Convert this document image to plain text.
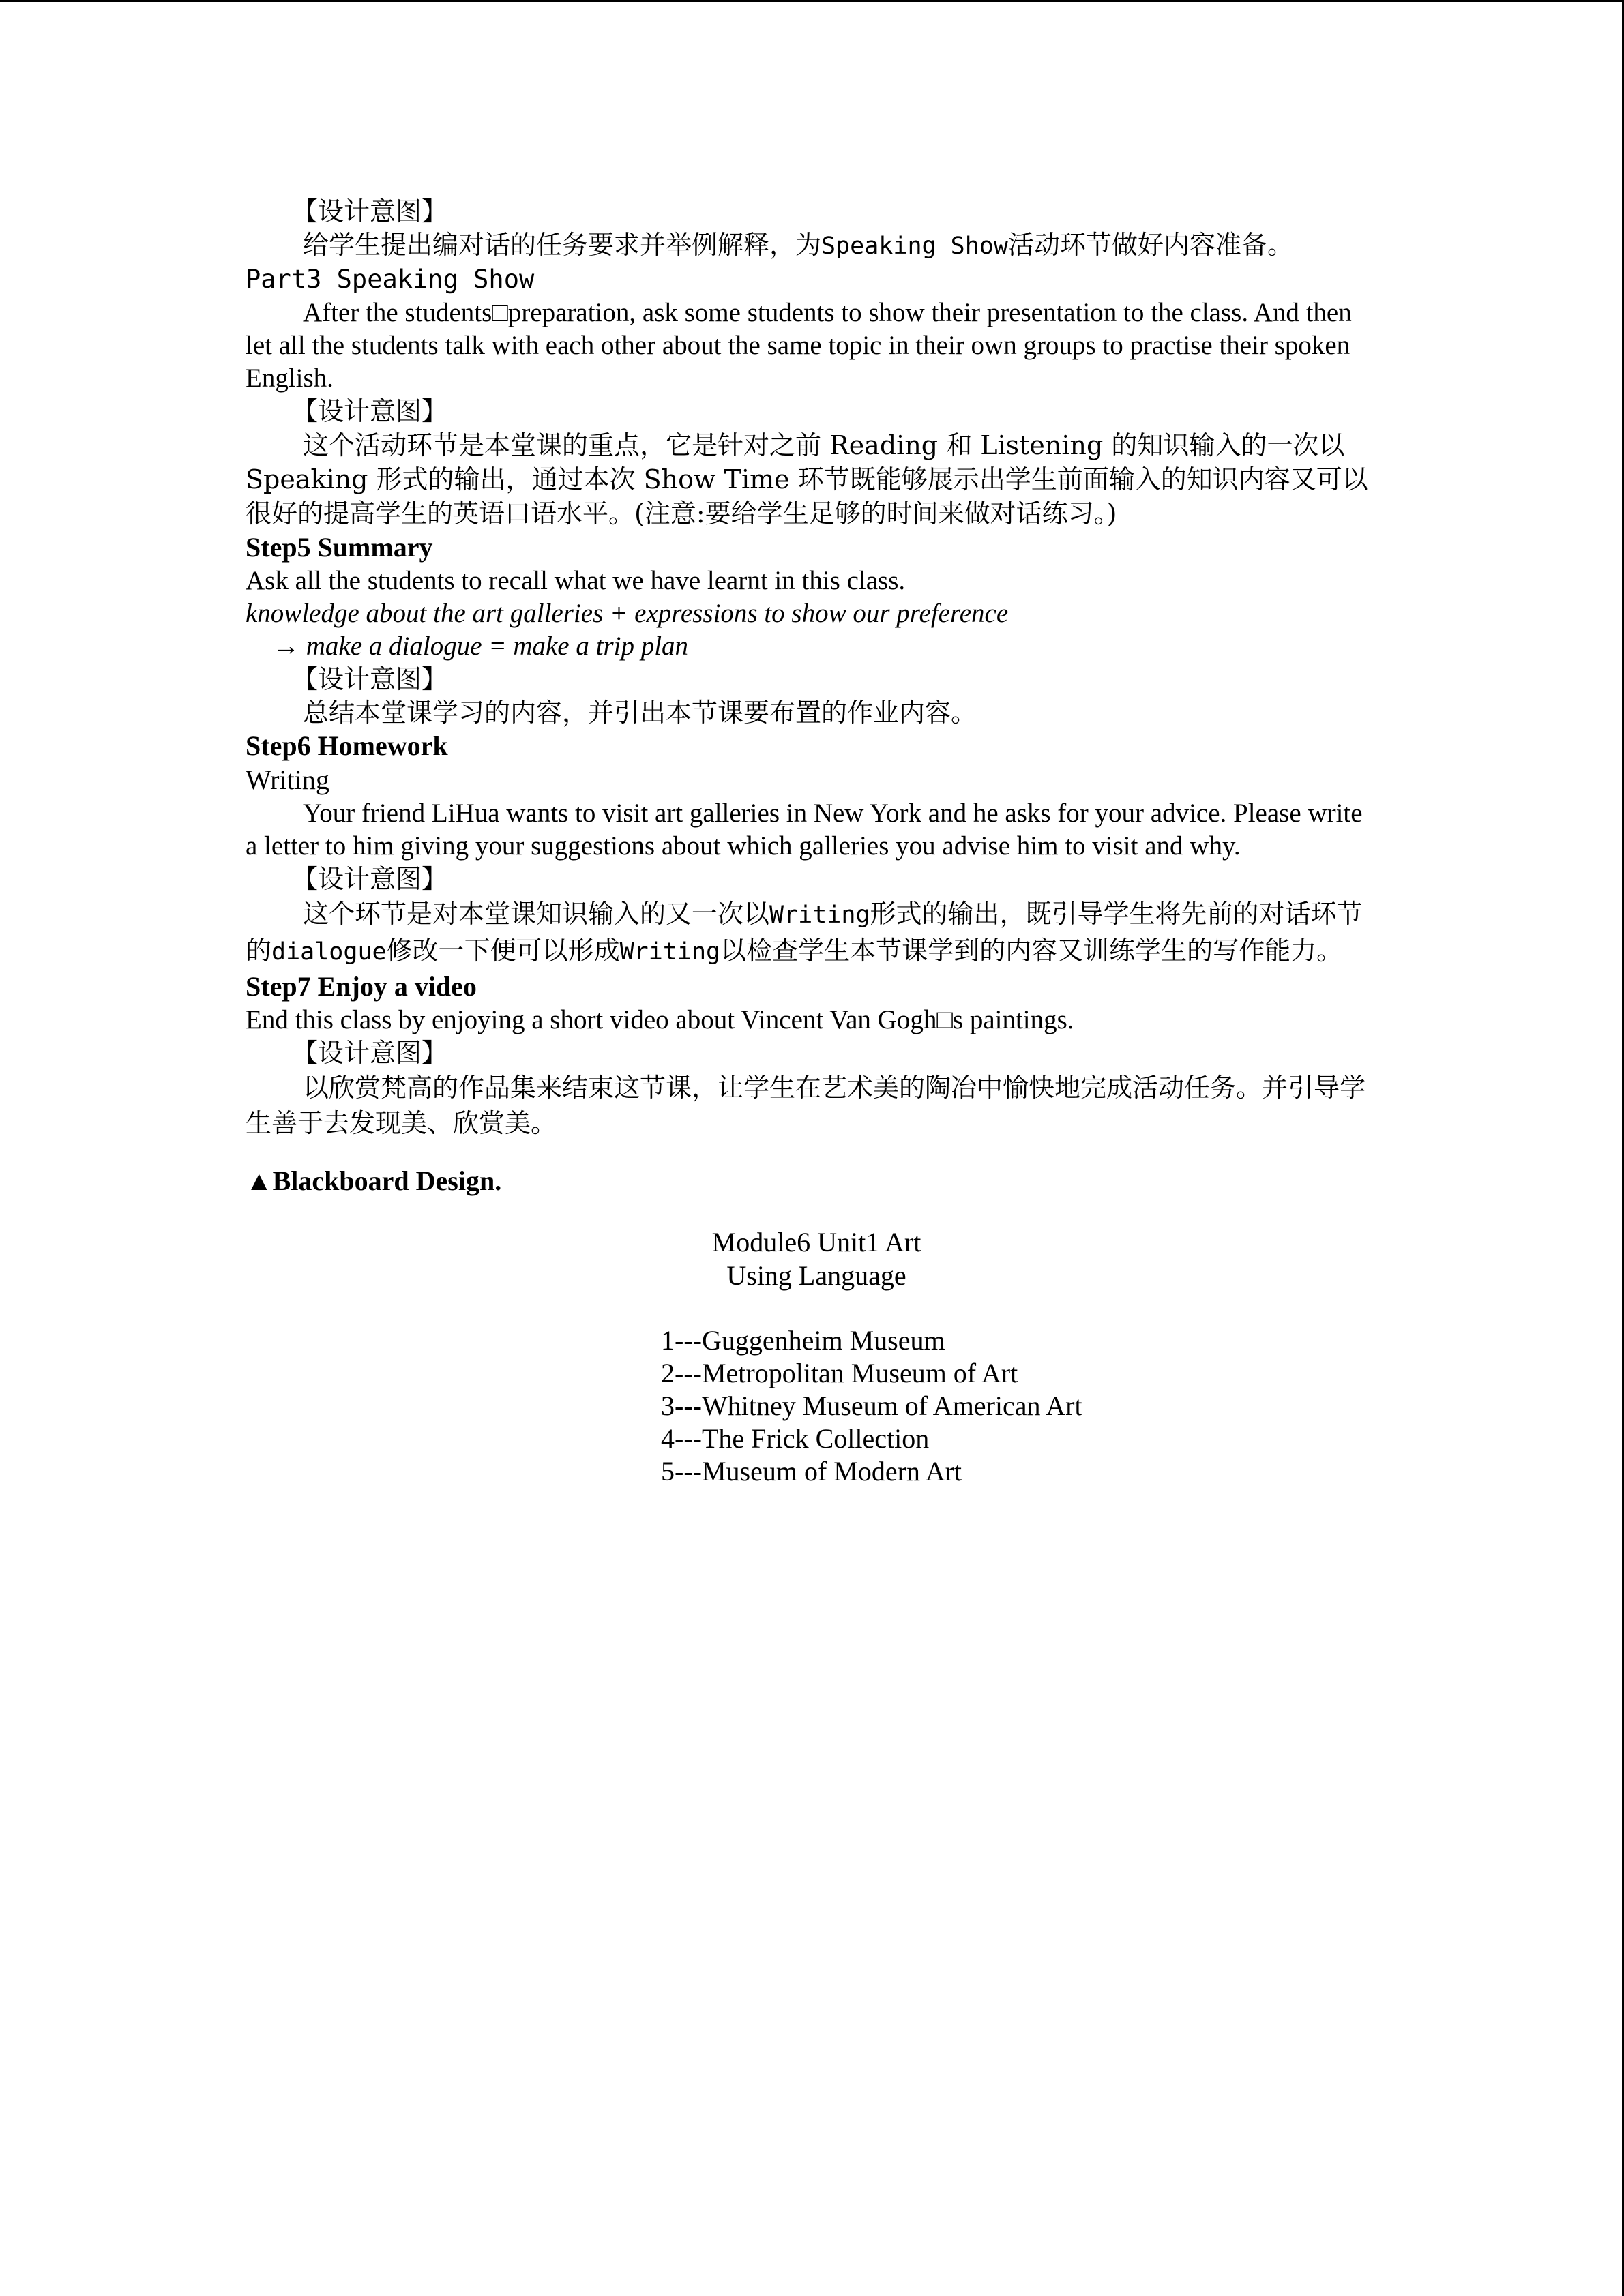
【设计意图】

给学生提出编对话的任务要求并举例解释，为Speaking Show活动环节做好内容准备。

Part3 Speaking Show

After the students□preparation, ask some students to show their presentation to the class. And then let all the students talk with each other about the same topic in their own groups to practise their spoken English.

【设计意图】

这个活动环节是本堂课的重点，它是针对之前 Reading 和 Listening 的知识输入的一次以 Speaking 形式的输出，通过本次 Show Time 环节既能够展示出学生前面输入的知识内容又可以很好的提高学生的英语口语水平。(注意:要给学生足够的时间来做对话练习。)

Step5 Summary
Ask all the students to recall what we have learnt in this class.
knowledge about the art galleries + expressions to show our preference
→ make a dialogue = make a trip plan
【设计意图】

总结本堂课学习的内容，并引出本节课要布置的作业内容。

Step6 Homework
Writing

Your friend LiHua wants to visit art galleries in New York and he asks for your advice. Please write a letter to him giving your suggestions about which galleries you advise him to visit and why.

【设计意图】

这个环节是对本堂课知识输入的又一次以Writing形式的输出，既引导学生将先前的对话环节的dialogue修改一下便可以形成Writing以检查学生本节课学到的内容又训练学生的写作能力。

Step7 Enjoy a video
End this class by enjoying a short video about Vincent Van Gogh□s paintings.
【设计意图】

以欣赏梵高的作品集来结束这节课，让学生在艺术美的陶冶中愉快地完成活动任务。并引导学生善于去发现美、欣赏美。

▲Blackboard Design.
Module6 Unit1 Art
Using Language
1---Guggenheim Museum
2---Metropolitan Museum of Art
3---Whitney Museum of American Art
4---The Frick Collection
5---Museum of Modern Art
